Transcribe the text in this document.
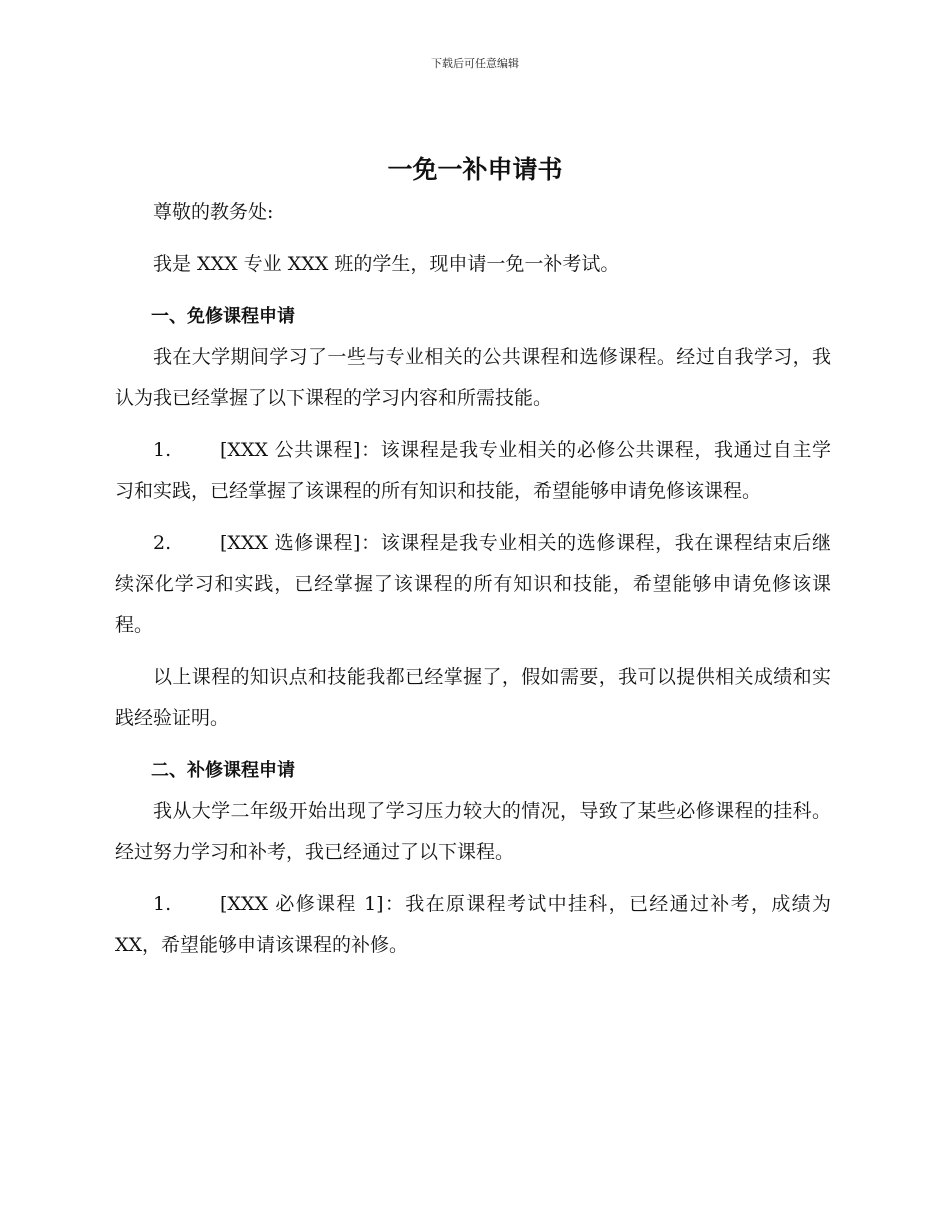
下载后可任意编辑
一免一补申请书

尊敬的教务处:

我是 XXX 专业 XXX 班的学生，现申请一免一补考试。

一、免修课程申请

我在大学期间学习了一些与专业相关的公共课程和选修课程。经过自我学习，我认为我已经掌握了以下课程的学习内容和所需技能。

1.	[XXX 公共课程]：该课程是我专业相关的必修公共课程，我通过自主学习和实践，已经掌握了该课程的所有知识和技能，希望能够申请免修该课程。

2.	[XXX 选修课程]：该课程是我专业相关的选修课程，我在课程结束后继续深化学习和实践，已经掌握了该课程的所有知识和技能，希望能够申请免修该课程。

以上课程的知识点和技能我都已经掌握了，假如需要，我可以提供相关成绩和实践经验证明。

二、补修课程申请

我从大学二年级开始出现了学习压力较大的情况，导致了某些必修课程的挂科。经过努力学习和补考，我已经通过了以下课程。

1.	[XXX 必修课程 1]：我在原课程考试中挂科，已经通过补考，成绩为 XX，希望能够申请该课程的补修。
